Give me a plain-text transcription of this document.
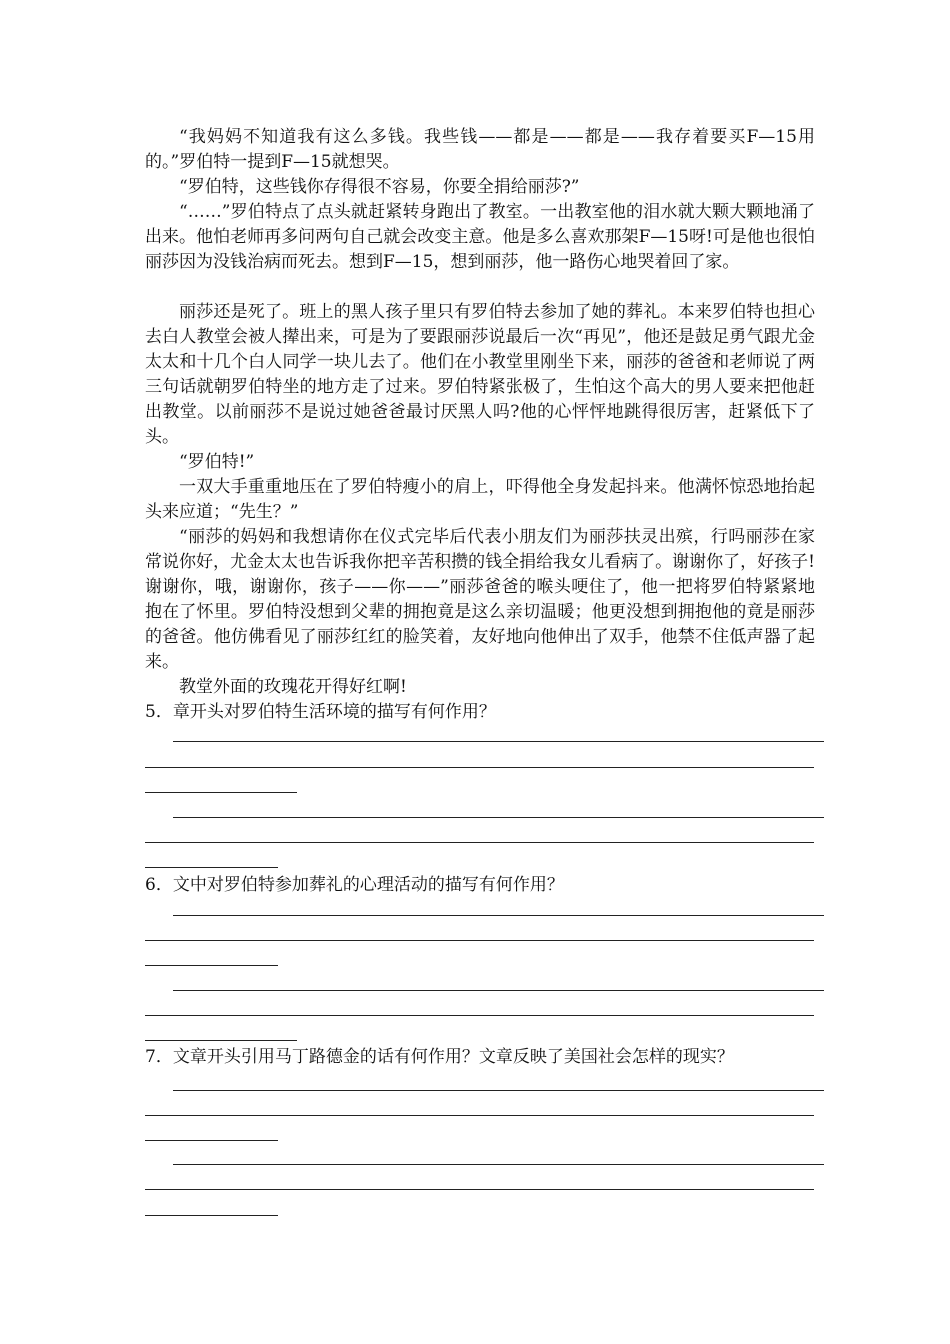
“我妈妈不知道我有这么多钱。我些钱——都是——都是——我存着要买F—15用的。”罗伯特一提到F—15就想哭。

“罗伯特，这些钱你存得很不容易，你要全捐给丽莎?”

“……”罗伯特点了点头就赶紧转身跑出了教室。一出教室他的泪水就大颗大颗地涌了出来。他怕老师再多问两句自己就会改变主意。他是多么喜欢那架F—15呀!可是他也很怕丽莎因为没钱治病而死去。想到F—15，想到丽莎，他一路伤心地哭着回了家。

丽莎还是死了。班上的黑人孩子里只有罗伯特去参加了她的葬礼。本来罗伯特也担心去白人教堂会被人撵出来，可是为了要跟丽莎说最后一次“再见”，他还是鼓足勇气跟尤金太太和十几个白人同学一块儿去了。他们在小教堂里刚坐下来，丽莎的爸爸和老师说了两三句话就朝罗伯特坐的地方走了过来。罗伯特紧张极了，生怕这个高大的男人要来把他赶出教堂。以前丽莎不是说过她爸爸最讨厌黑人吗?他的心怦怦地跳得很厉害，赶紧低下了头。

“罗伯特!”

一双大手重重地压在了罗伯特瘦小的肩上，吓得他全身发起抖来。他满怀惊恐地抬起头来应道；“先生？”

“丽莎的妈妈和我想请你在仪式完毕后代表小朋友们为丽莎扶灵出殡，行吗丽莎在家常说你好，尤金太太也告诉我你把辛苦积攒的钱全捐给我女儿看病了。谢谢你了，好孩子!谢谢你，哦，谢谢你，孩子——你——”丽莎爸爸的喉头哽住了，他一把将罗伯特紧紧地抱在了怀里。罗伯特没想到父辈的拥抱竟是这么亲切温暖；他更没想到拥抱他的竟是丽莎的爸爸。他仿佛看见了丽莎红红的脸笑着，友好地向他伸出了双手，他禁不住低声器了起来。

教堂外面的玫瑰花开得好红啊!

5．章开头对罗伯特生活环境的描写有何作用？

6．文中对罗伯特参加葬礼的心理活动的描写有何作用？

7．文章开头引用马丁路德金的话有何作用？文章反映了美国社会怎样的现实？
